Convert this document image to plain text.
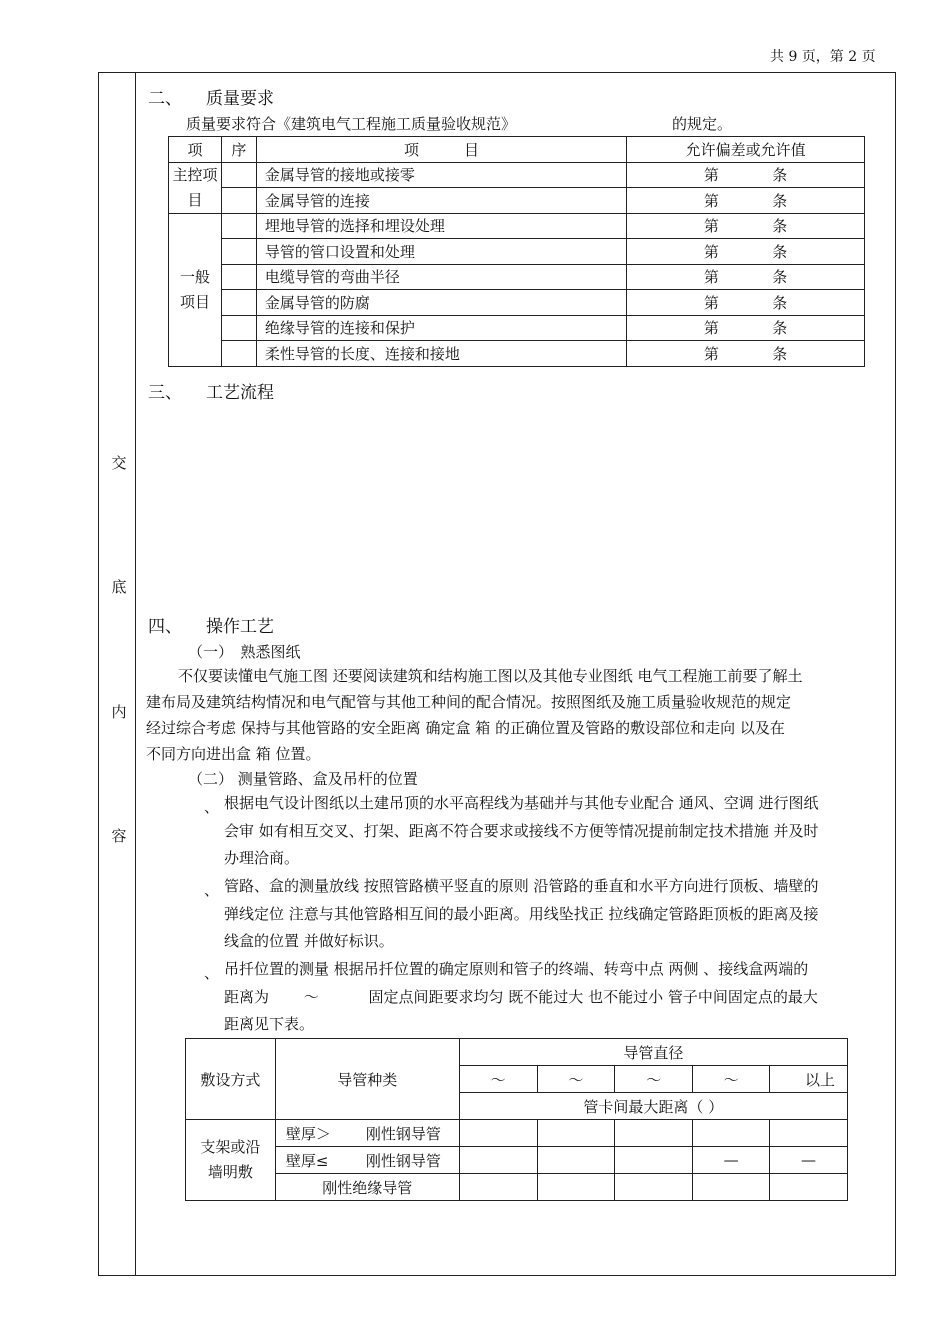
共 9 页，第 2 页
交
底
内
容
二、 质量要求
质量要求符合《建筑电气工程施工质量验收规范》	的规定。
项	序	项　　　目	允许偏差或允许值
主控项目		金属导管的接地或接零	第 条

		金属导管的连接	第 条

一般项目		埋地导管的选择和埋设处理	第 条

		导管的管口设置和处理	第 条

		电缆导管的弯曲半径	第 条

		金属导管的防腐	第 条

		绝缘导管的连接和保护	第 条

		柔性导管的长度、连接和接地	第 条
三、 工艺流程
四、 操作工艺
（一）　熟悉图纸
不仅要读懂电气施工图 还要阅读建筑和结构施工图以及其他专业图纸 电气工程施工前要了解土
建布局及建筑结构情况和电气配管与其他工种间的配合情况。按照图纸及施工质量验收规范的规定
经过综合考虑 保持与其他管路的安全距离 确定盒 箱 的正确位置及管路的敷设部位和走向 以及在
不同方向进出盒 箱 位置。
（二） 测量管路、盒及吊杆的位置
、 根据电气设计图纸以土建吊顶的水平高程线为基础并与其他专业配合 通风、空调 进行图纸
会审 如有相互交叉、打架、距离不符合要求或接线不方便等情况提前制定技术措施 并及时
办理洽商。
、 管路、盒的测量放线 按照管路横平竖直的原则 沿管路的垂直和水平方向进行顶板、墙壁的
弹线定位 注意与其他管路相互间的最小距离。用线坠找正 拉线确定管路距顶板的距离及接
线盒的位置 并做好标识。
、 吊扦位置的测量 根据吊扦位置的确定原则和管子的终端、转弯中点 两侧 、接线盒两端的
距离为　　 ～　　　 固定点间距要求均匀 既不能过大 也不能过小 管子中间固定点的最大
距离见下表。
敷设方式	导管种类	导管直径				
		～	～	～	～	以上
		管卡间最大距离（ ）				
支架或沿墙明敷	壁厚＞ 刚性钢导管					
	壁厚≤ 刚性钢导管				—	—
	刚性绝缘导管					
